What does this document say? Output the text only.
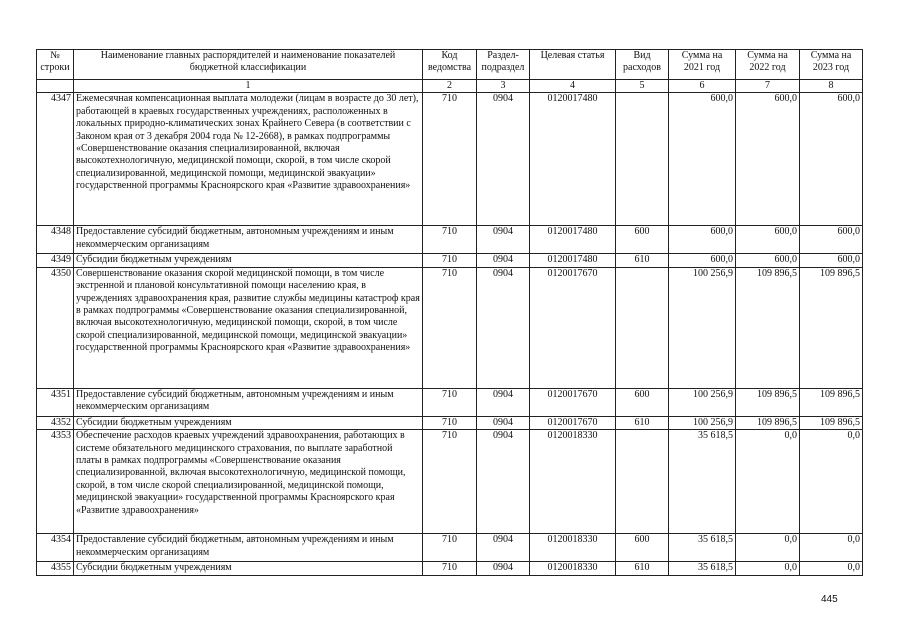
№ строки	Наименование главных распорядителей и наименование показателей бюджетной классификации	Код ведомства	Раздел-подраздел	Целевая статья	Вид расходов	Сумма на 2021 год	Сумма на 2022 год	Сумма на 2023 год
	1	2	3	4	5	6	7	8
4347	Ежемесячная компенсационная выплата молодежи (лицам в возрасте до 30 лет), работающей в краевых государственных учреждениях, расположенных в локальных природно-климатических зонах Крайнего Севера (в соответствии с Законом края от 3 декабря 2004 года № 12-2668), в рамках подпрограммы «Совершенствование оказания специализированной, включая высокотехнологичную, медицинской помощи, скорой, в том числе скорой специализированной, медицинской помощи, медицинской эвакуации» государственной программы Красноярского края «Развитие здравоохранения»	710	0904	0120017480		600,0	600,0	600,0
4348	Предоставление субсидий бюджетным, автономным учреждениям и иным некоммерческим организациям	710	0904	0120017480	600	600,0	600,0	600,0
4349	Субсидии бюджетным учреждениям	710	0904	0120017480	610	600,0	600,0	600,0
4350	Совершенствование оказания скорой медицинской помощи, в том числе экстренной и плановой консультативной помощи населению края, в учреждениях здравоохранения края, развитие службы медицины катастроф края в рамках подпрограммы «Совершенствование оказания специализированной, включая высокотехнологичную, медицинской помощи, скорой, в том числе скорой специализированной, медицинской помощи, медицинской эвакуации» государственной программы Красноярского края «Развитие здравоохранения»	710	0904	0120017670		100 256,9	109 896,5	109 896,5
4351	Предоставление субсидий бюджетным, автономным учреждениям и иным некоммерческим организациям	710	0904	0120017670	600	100 256,9	109 896,5	109 896,5
4352	Субсидии бюджетным учреждениям	710	0904	0120017670	610	100 256,9	109 896,5	109 896,5
4353	Обеспечение расходов краевых учреждений здравоохранения, работающих в системе обязательного медицинского страхования, по выплате заработной платы в рамках подпрограммы «Совершенствование оказания специализированной, включая высокотехнологичную, медицинской помощи, скорой, в том числе скорой специализированной, медицинской помощи, медицинской эвакуации» государственной программы Красноярского края «Развитие здравоохранения»	710	0904	0120018330		35 618,5	0,0	0,0
4354	Предоставление субсидий бюджетным, автономным учреждениям и иным некоммерческим организациям	710	0904	0120018330	600	35 618,5	0,0	0,0
4355	Субсидии бюджетным учреждениям	710	0904	0120018330	610	35 618,5	0,0	0,0
445
